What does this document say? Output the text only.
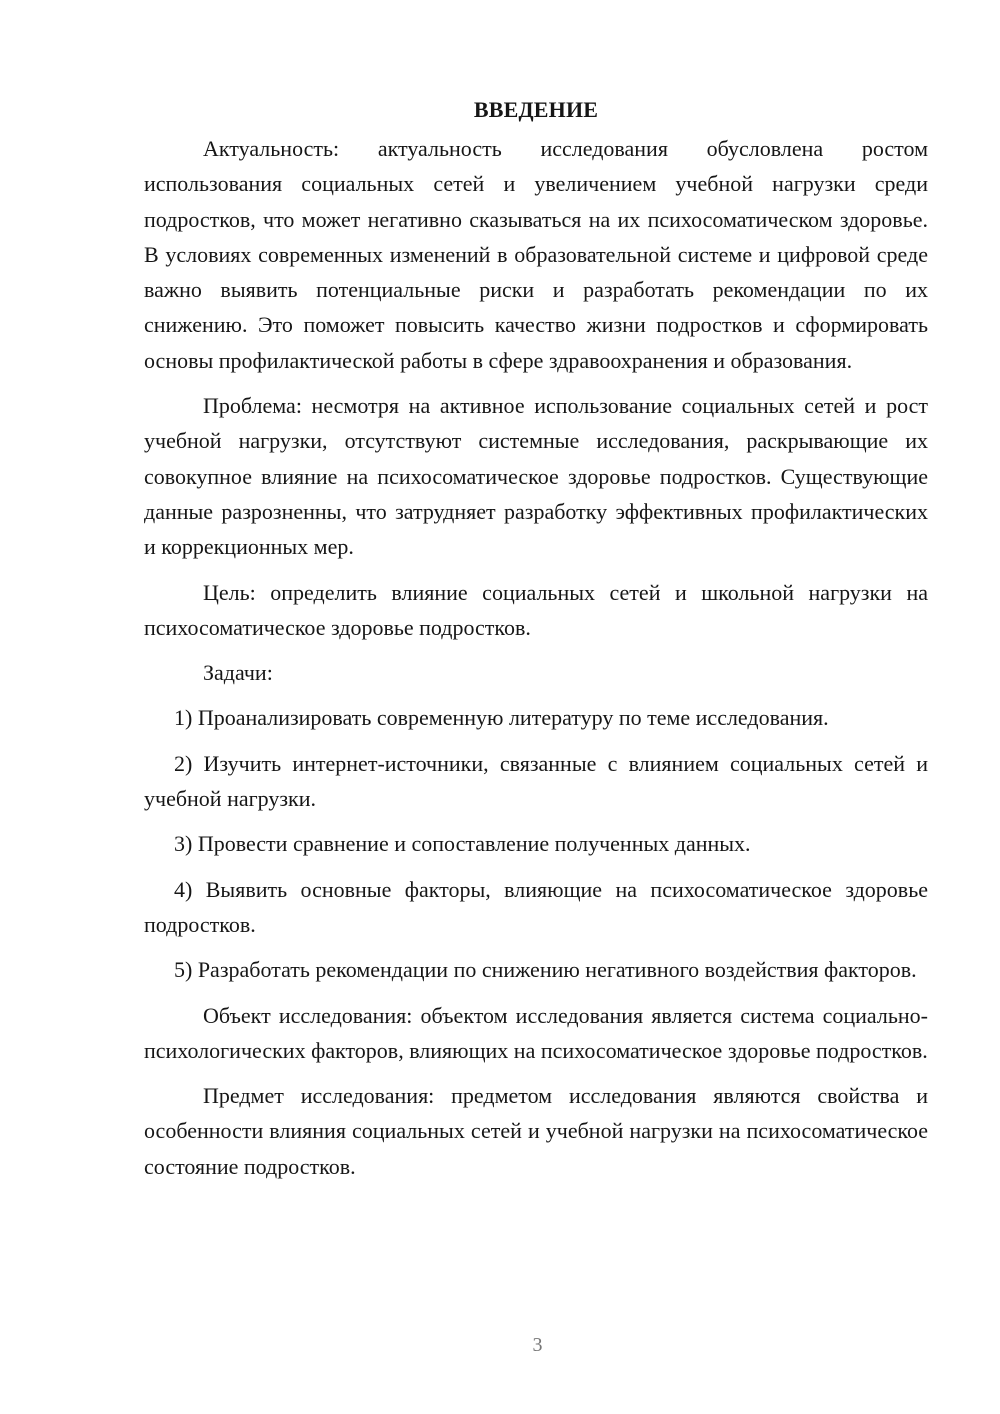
ВВЕДЕНИЕ

Актуальность: актуальность исследования обусловлена ростом использования социальных сетей и увеличением учебной нагрузки среди подростков, что может негативно сказываться на их психосоматическом здоровье. В условиях современных изменений в образовательной системе и цифровой среде важно выявить потенциальные риски и разработать рекомендации по их снижению. Это поможет повысить качество жизни подростков и сформировать основы профилактической работы в сфере здравоохранения и образования.

Проблема: несмотря на активное использование социальных сетей и рост учебной нагрузки, отсутствуют системные исследования, раскрывающие их совокупное влияние на психосоматическое здоровье подростков. Существующие данные разрозненны, что затрудняет разработку эффективных профилактических и коррекционных мер.

Цель: определить влияние социальных сетей и школьной нагрузки на психосоматическое здоровье подростков.

Задачи:

1) Проанализировать современную литературу по теме исследования.

2) Изучить интернет-источники, связанные с влиянием социальных сетей и учебной нагрузки.

3) Провести сравнение и сопоставление полученных данных.

4) Выявить основные факторы, влияющие на психосоматическое здоровье подростков.

5) Разработать рекомендации по снижению негативного воздействия факторов.

Объект исследования: объектом исследования является система социально-психологических факторов, влияющих на психосоматическое здоровье подростков.

Предмет исследования: предметом исследования являются свойства и особенности влияния социальных сетей и учебной нагрузки на психосоматическое состояние подростков.

3
